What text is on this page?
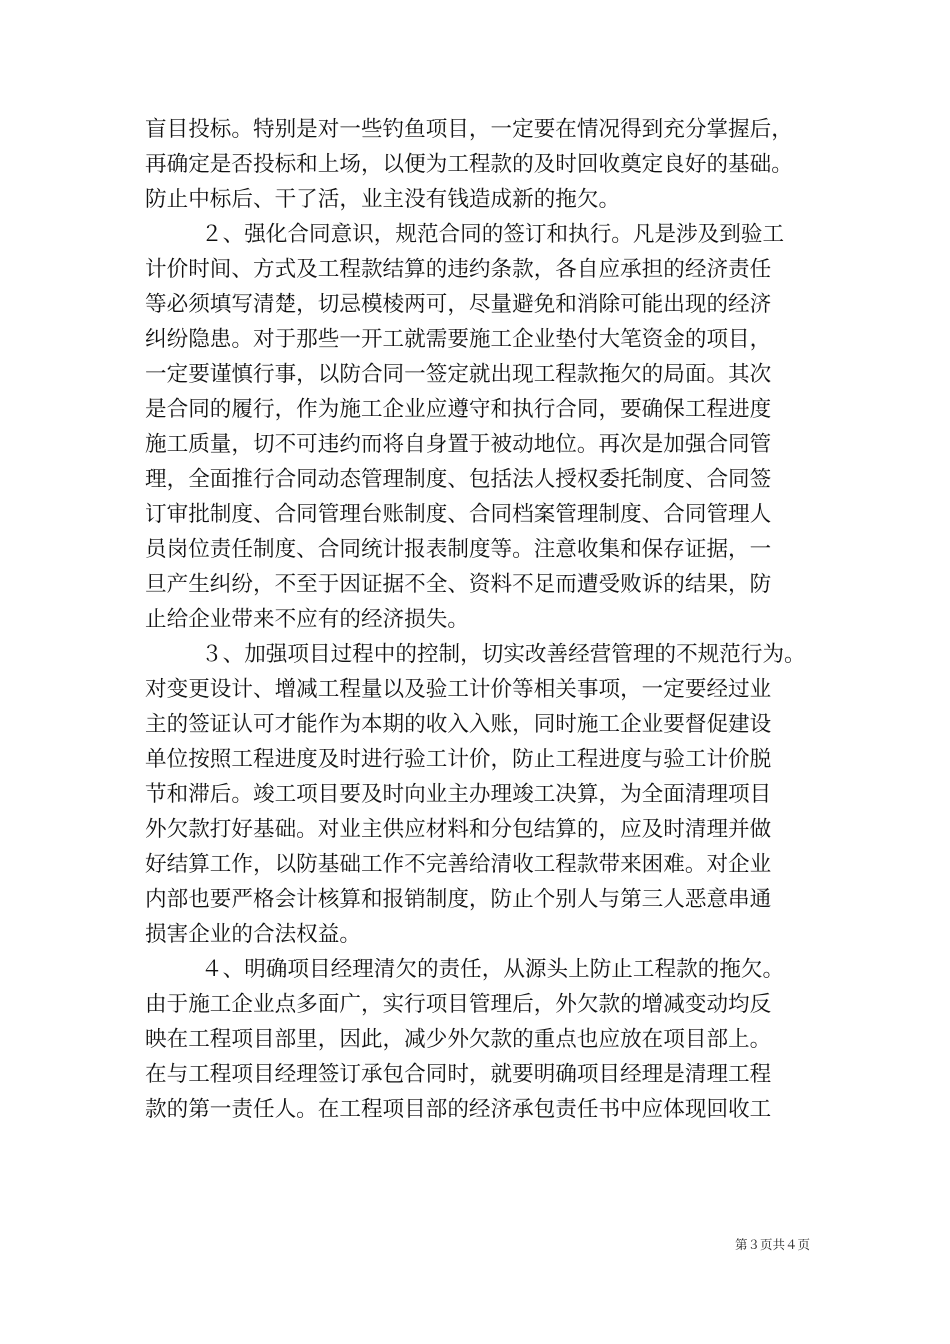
盲目投标。特别是对一些钓鱼项目，一定要在情况得到充分掌握后，
再确定是否投标和上场，以便为工程款的及时回收奠定良好的基础。
防止中标后、干了活，业主没有钱造成新的拖欠。
２、强化合同意识，规范合同的签订和执行。凡是涉及到验工
计价时间、方式及工程款结算的违约条款，各自应承担的经济责任
等必须填写清楚，切忌模棱两可，尽量避免和消除可能出现的经济
纠纷隐患。对于那些一开工就需要施工企业垫付大笔资金的项目，
一定要谨慎行事，以防合同一签定就出现工程款拖欠的局面。其次
是合同的履行，作为施工企业应遵守和执行合同，要确保工程进度
施工质量，切不可违约而将自身置于被动地位。再次是加强合同管
理，全面推行合同动态管理制度、包括法人授权委托制度、合同签
订审批制度、合同管理台账制度、合同档案管理制度、合同管理人
员岗位责任制度、合同统计报表制度等。注意收集和保存证据，一
旦产生纠纷，不至于因证据不全、资料不足而遭受败诉的结果，防
止给企业带来不应有的经济损失。
３、加强项目过程中的控制，切实改善经营管理的不规范行为。
对变更设计、增减工程量以及验工计价等相关事项，一定要经过业
主的签证认可才能作为本期的收入入账，同时施工企业要督促建设
单位按照工程进度及时进行验工计价，防止工程进度与验工计价脱
节和滞后。竣工项目要及时向业主办理竣工决算，为全面清理项目
外欠款打好基础。对业主供应材料和分包结算的，应及时清理并做
好结算工作，以防基础工作不完善给清收工程款带来困难。对企业
内部也要严格会计核算和报销制度，防止个别人与第三人恶意串通
损害企业的合法权益。
４、明确项目经理清欠的责任，从源头上防止工程款的拖欠。
由于施工企业点多面广，实行项目管理后，外欠款的增减变动均反
映在工程项目部里，因此，减少外欠款的重点也应放在项目部上。
在与工程项目经理签订承包合同时，就要明确项目经理是清理工程
款的第一责任人。在工程项目部的经济承包责任书中应体现回收工
第３页共４页
